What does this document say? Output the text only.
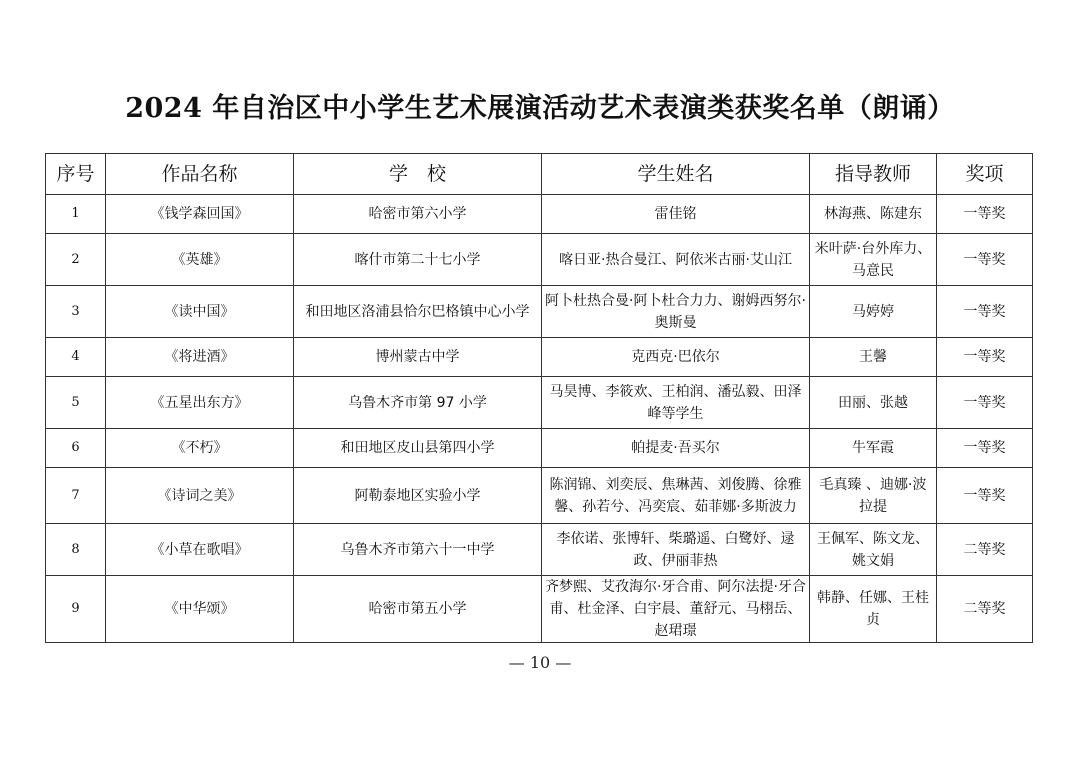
2024 年自治区中小学生艺术展演活动艺术表演类获奖名单（朗诵）
序号	作品名称	学　校	学生姓名	指导教师	奖项
1	《钱学森回国》	哈密市第六小学	雷佳铭	林海燕、陈建东	一等奖
2	《英雄》	喀什市第二十七小学	喀日亚·热合曼江、阿依米古丽·艾山江	米叶萨·台外库力、马意民	一等奖
3	《读中国》	和田地区洛浦县恰尔巴格镇中心小学	阿卜杜热合曼·阿卜杜合力力、谢姆西努尔·奥斯曼	马婷婷	一等奖
4	《将进酒》	博州蒙古中学	克西克·巴依尔	王馨	一等奖
5	《五星出东方》	乌鲁木齐市第 97 小学	马昊博、李筱欢、王柏润、潘弘毅、田泽峰等学生	田丽、张越	一等奖
6	《不朽》	和田地区皮山县第四小学	帕提麦·吾买尔	牛军霞	一等奖
7	《诗词之美》	阿勒泰地区实验小学	陈润锦、刘奕辰、焦琳茜、刘俊腾、徐雅馨、孙若兮、冯奕宸、茹菲娜·多斯波力	毛真臻 、迪娜·波拉提	一等奖
8	《小草在歌唱》	乌鲁木齐市第六十一中学	李依诺、张博轩、柴璐遥、白鹭妤、逯政、伊丽菲热	王佩军、陈文龙、姚文娟	二等奖
9	《中华颂》	哈密市第五小学	齐梦熙、艾孜海尔·牙合甫、阿尔法提·牙合甫、杜金泽、白宇晨、董舒元、马栩岳、赵珺璟	韩静、任娜、王桂贞	二等奖
— 10 —
